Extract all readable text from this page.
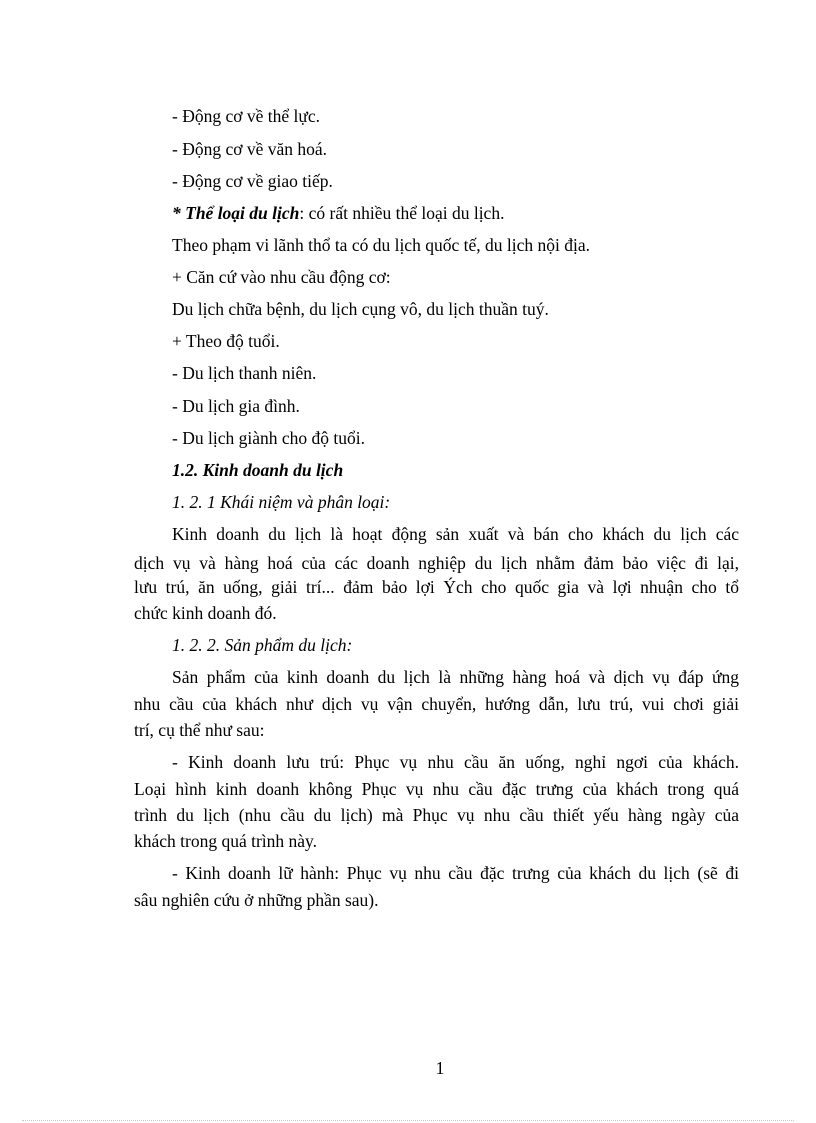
- Động cơ về thể lực.
- Động cơ về văn hoá.
- Động cơ về giao tiếp.
* Thể loại du lịch: có rất nhiều thể loại du lịch.
Theo phạm vi lãnh thổ ta có du lịch quốc tế, du lịch nội địa.
+ Căn cứ vào nhu cầu động cơ:
Du lịch chữa bệnh, du lịch cụng vô, du lịch thuần tuý.
+ Theo độ tuổi.
- Du lịch thanh niên.
- Du lịch gia đình.
- Du lịch giành cho độ tuổi.
1.2. Kinh doanh du lịch
1. 2. 1 Khái niệm và phân loại:
Kinh doanh du lịch là hoạt động sản xuất và bán cho khách du lịch các
dịch vụ và hàng hoá của các doanh nghiệp du lịch nhằm đảm bảo việc đi lại,
lưu trú, ăn uống, giải trí... đảm bảo lợi Ých cho quốc gia và lợi nhuận cho tổ
chức kinh doanh đó.
1. 2. 2. Sản phẩm du lịch:
Sản phẩm của kinh doanh du lịch là những hàng hoá và dịch vụ đáp ứng
nhu cầu của khách như dịch vụ vận chuyển, hướng dẫn, lưu trú, vui chơi giải
trí, cụ thể như sau:
- Kinh doanh lưu trú: Phục vụ nhu cầu ăn uống, nghỉ ngơi của khách.
Loại hình kinh doanh không Phục vụ nhu cầu đặc trưng của khách trong quá
trình du lịch (nhu cầu du lịch) mà Phục vụ nhu cầu thiết yếu hàng ngày của
khách trong quá trình này.
- Kinh doanh lữ hành: Phục vụ nhu cầu đặc trưng của khách du lịch (sẽ đi
sâu nghiên cứu ở những phần sau).
1
